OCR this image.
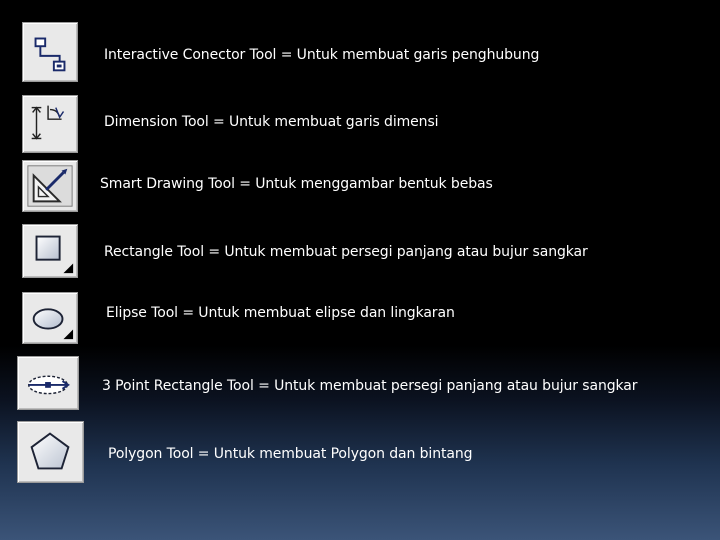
Interactive Conector Tool = Untuk membuat garis penghubung
Dimension Tool = Untuk membuat garis dimensi
Smart Drawing Tool = Untuk menggambar bentuk bebas
Rectangle Tool = Untuk membuat persegi panjang atau bujur sangkar
Elipse Tool = Untuk membuat elipse dan lingkaran
3 Point Rectangle Tool = Untuk membuat persegi panjang atau bujur sangkar
Polygon Tool = Untuk membuat Polygon dan bintang
